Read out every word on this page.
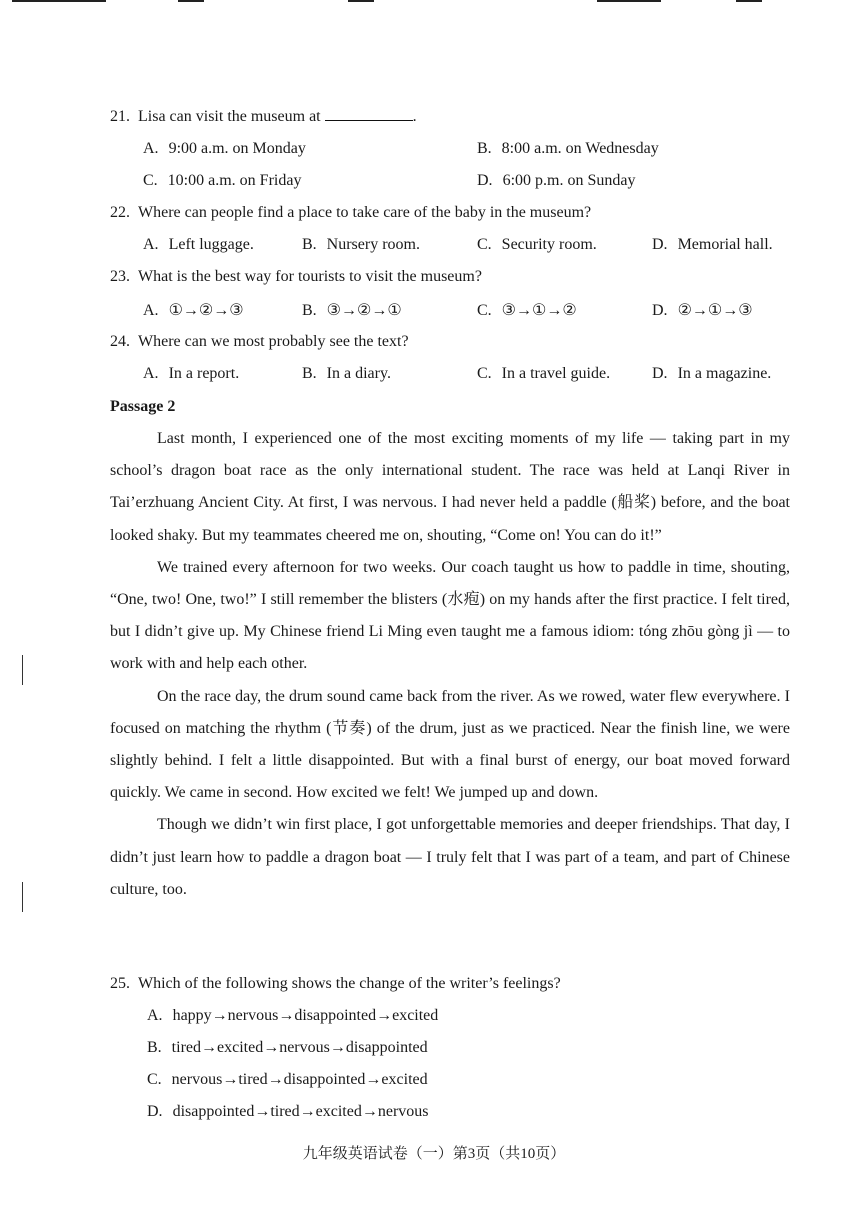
21. Lisa can visit the museum at	.
A. 9:00 a.m. on Monday	B. 8:00 a.m. on Wednesday
C. 10:00 a.m. on Friday	D. 6:00 p.m. on Sunday
22. Where can people find a place to take care of the baby in the museum?
A. Left luggage.	B. Nursery room.	C. Security room.	D. Memorial hall.
23. What is the best way for tourists to visit the museum?
A. ①→②→③	B. ③→②→①	C. ③→①→②	D. ②→①→③
24. Where can we most probably see the text?
A. In a report.	B. In a diary.	C. In a travel guide.	D. In a magazine.
Passage 2

Last month, I experienced one of the most exciting moments of my life — taking part in my school’s dragon boat race as the only international student. The race was held at Lanqi River in Tai’erzhuang Ancient City. At first, I was nervous. I had never held a paddle (船桨) before, and the boat looked shaky. But my teammates cheered me on, shouting, “Come on! You can do it!”

We trained every afternoon for two weeks. Our coach taught us how to paddle in time, shouting, “One, two! One, two!” I still remember the blisters (水疱) on my hands after the first practice. I felt tired, but I didn’t give up. My Chinese friend Li Ming even taught me a famous idiom: tóng zhōu gòng jì — to work with and help each other.

On the race day, the drum sound came back from the river. As we rowed, water flew everywhere. I focused on matching the rhythm (节奏) of the drum, just as we practiced. Near the finish line, we were slightly behind. I felt a little disappointed. But with a final burst of energy, our boat moved forward quickly. We came in second. How excited we felt! We jumped up and down.

Though we didn’t win first place, I got unforgettable memories and deeper friendships. That day, I didn’t just learn how to paddle a dragon boat — I truly felt that I was part of a team, and part of Chinese culture, too.

25. Which of the following shows the change of the writer’s feelings?
A. happy→nervous→disappointed→excited
B. tired→excited→nervous→disappointed
C. nervous→tired→disappointed→excited
D. disappointed→tired→excited→nervous
九年级英语试卷（一）第3页（共10页）
